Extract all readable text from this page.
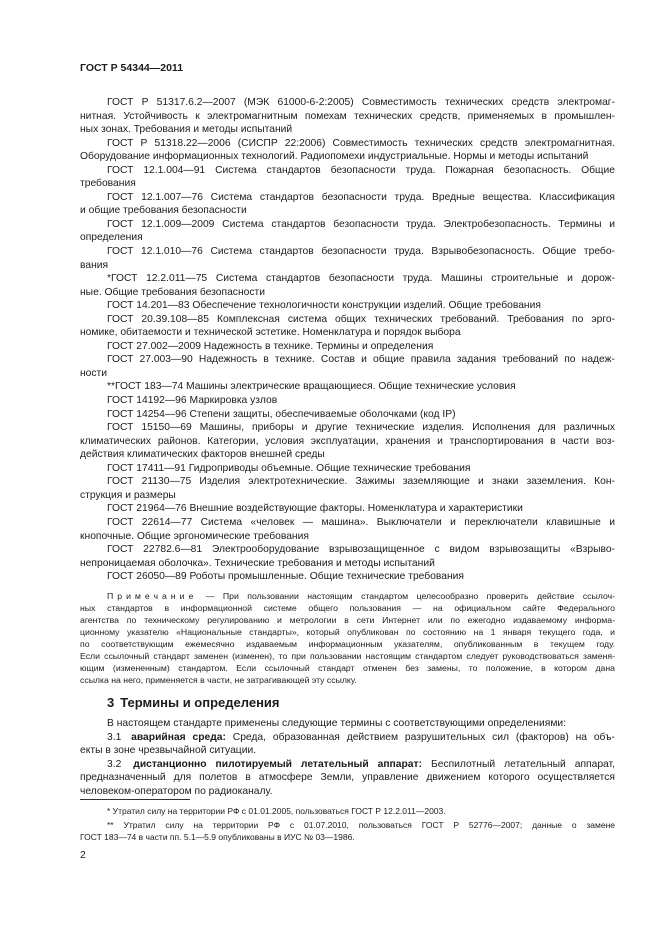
ГОСТ Р 54344—2011
ГОСТ Р 51317.6.2—2007 (МЭК 61000-6-2:2005) Совместимость технических средств электромаг-
нитная. Устойчивость к электромагнитным помехам технических средств, применяемых в промышлен-
ных зонах. Требования и методы испытаний
ГОСТ Р 51318.22—2006 (СИСПР 22:2006) Совместимость технических средств электромагнитная.
Оборудование информационных технологий. Радиопомехи индустриальные. Нормы и методы испытаний
ГОСТ 12.1.004—91 Система стандартов безопасности труда. Пожарная безопасность. Общие
требования
ГОСТ 12.1.007—76 Система стандартов безопасности труда. Вредные вещества. Классификация
и общие требования безопасности
ГОСТ 12.1.009—2009 Система стандартов безопасности труда. Электробезопасность. Термины и
определения
ГОСТ 12.1.010—76 Система стандартов безопасности труда. Взрывобезопасность. Общие требо-
вания
*ГОСТ 12.2.011—75 Система стандартов безопасности труда. Машины строительные и дорож-
ные. Общие требования безопасности
ГОСТ 14.201—83 Обеспечение технологичности конструкции изделий. Общие требования
ГОСТ 20.39.108—85 Комплексная система общих технических требований. Требования по эрго-
номике, обитаемости и технической эстетике. Номенклатура и порядок выбора
ГОСТ 27.002—2009 Надежность в технике. Термины и определения
ГОСТ 27.003—90 Надежность в технике. Состав и общие правила задания требований по надеж-
ности
**ГОСТ 183—74 Машины электрические вращающиеся. Общие технические условия
ГОСТ 14192—96 Маркировка узлов
ГОСТ 14254—96 Степени защиты, обеспечиваемые оболочками (код IP)
ГОСТ 15150—69 Машины, приборы и другие технические изделия. Исполнения для различных
климатических районов. Категории, условия эксплуатации, хранения и транспортирования в части воз-
действия климатических факторов внешней среды
ГОСТ 17411—91 Гидроприводы объемные. Общие технические требования
ГОСТ 21130—75 Изделия электротехнические. Зажимы заземляющие и знаки заземления. Кон-
струкция и размеры
ГОСТ 21964—76 Внешние воздействующие факторы. Номенклатура и характеристики
ГОСТ 22614—77 Система «человек — машина». Выключатели и переключатели клавишные и
кнопочные. Общие эргономические требования
ГОСТ 22782.6—81 Электрооборудование взрывозащищенное с видом взрывозащиты «Взрыво-
непроницаемая оболочка». Технические требования и методы испытаний
ГОСТ 26050—89 Роботы промышленные. Общие технические требования
Примечание — При пользовании настоящим стандартом целесообразно проверить действие ссылоч-
ных стандартов в информационной системе общего пользования — на официальном сайте Федерального
агентства по техническому регулированию и метрологии в сети Интернет или по ежегодно издаваемому информа-
ционному указателю «Национальные стандарты», который опубликован по состоянию на 1 января текущего года, и
по соответствующим ежемесячно издаваемым информационным указателям, опубликованным в текущем году.
Если ссылочный стандарт заменен (изменен), то при пользовании настоящим стандартом следует руководствоваться заменя-
ющим (измененным) стандартом. Если ссылочный стандарт отменен без замены, то положение, в котором дана
ссылка на него, применяется в части, не затрагивающей эту ссылку.
3 Термины и определения
В настоящем стандарте применены следующие термины с соответствующими определениями:
3.1 аварийная среда: Среда, образованная действием разрушительных сил (факторов) на объ-
екты в зоне чрезвычайной ситуации.
3.2 дистанционно пилотируемый летательный аппарат: Беспилотный летательный аппарат,
предназначенный для полетов в атмосфере Земли, управление движением которого осуществляется
человеком-оператором по радиоканалу.
* Утратил силу на территории РФ с 01.01.2005, пользоваться ГОСТ Р 12.2.011—2003.
** Утратил силу на территории РФ с 01.07.2010, пользоваться ГОСТ Р 52776—2007; данные о замене
ГОСТ 183—74 в части пп. 5.1—5.9 опубликованы в ИУС № 03—1986.
2
